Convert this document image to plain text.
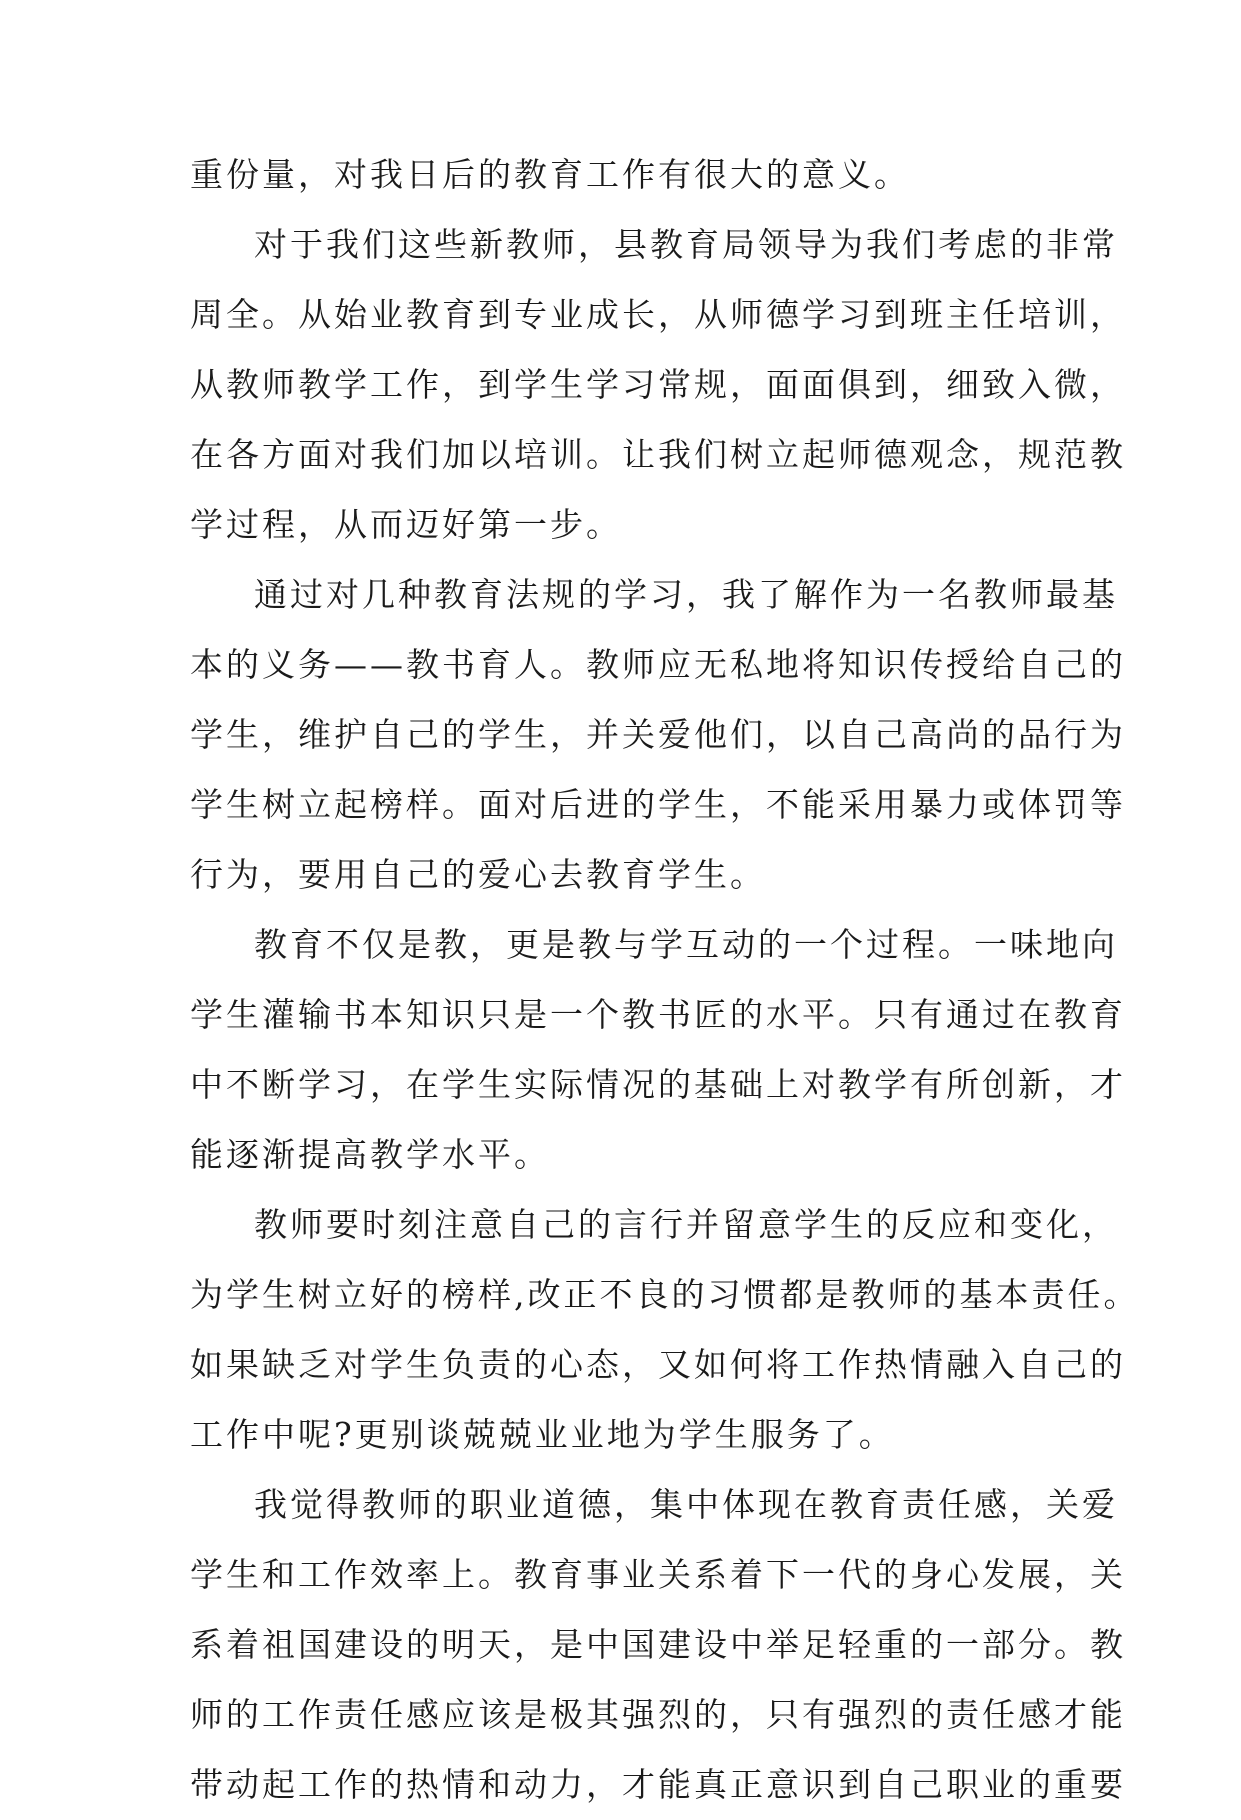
重份量，对我日后的教育工作有很大的意义。
对于我们这些新教师，县教育局领导为我们考虑的非常
周全。从始业教育到专业成长，从师德学习到班主任培训，
从教师教学工作，到学生学习常规，面面俱到，细致入微，
在各方面对我们加以培训。让我们树立起师德观念，规范教
学过程，从而迈好第一步。
通过对几种教育法规的学习，我了解作为一名教师最基
本的义务——教书育人。教师应无私地将知识传授给自己的
学生，维护自己的学生，并关爱他们，以自己高尚的品行为
学生树立起榜样。面对后进的学生，不能采用暴力或体罚等
行为，要用自己的爱心去教育学生。
教育不仅是教，更是教与学互动的一个过程。一味地向
学生灌输书本知识只是一个教书匠的水平。只有通过在教育
中不断学习，在学生实际情况的基础上对教学有所创新，才
能逐渐提高教学水平。
教师要时刻注意自己的言行并留意学生的反应和变化，
为学生树立好的榜样,改正不良的习惯都是教师的基本责任。
如果缺乏对学生负责的心态，又如何将工作热情融入自己的
工作中呢?更别谈兢兢业业地为学生服务了。
我觉得教师的职业道德，集中体现在教育责任感，关爱
学生和工作效率上。教育事业关系着下一代的身心发展，关
系着祖国建设的明天，是中国建设中举足轻重的一部分。教
师的工作责任感应该是极其强烈的，只有强烈的责任感才能
带动起工作的热情和动力，才能真正意识到自己职业的重要
